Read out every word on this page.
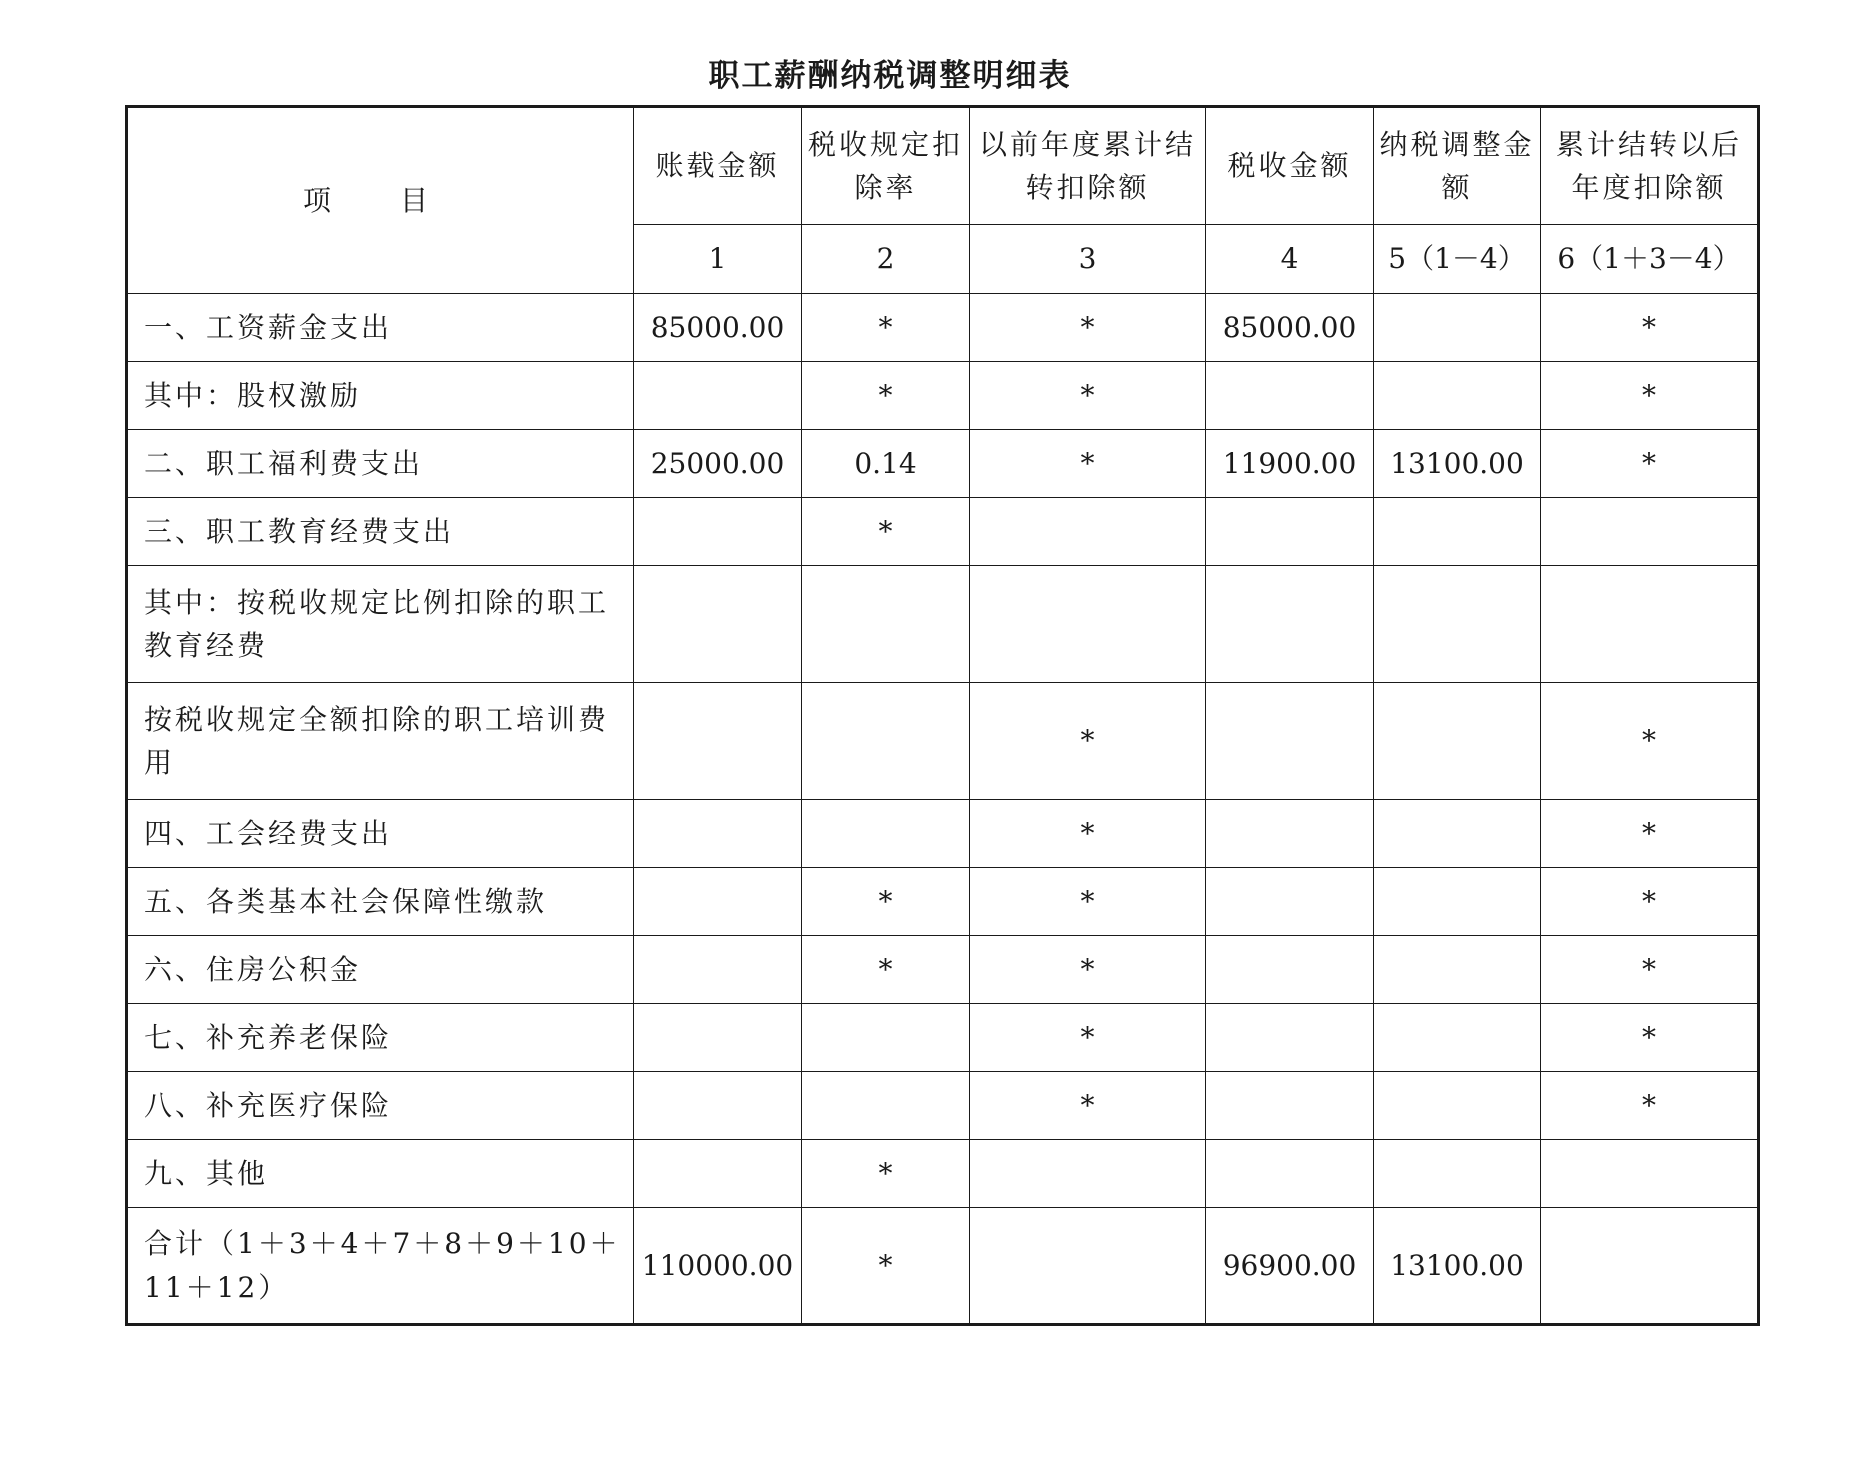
职工薪酬纳税调整明细表
项 目	账载金额	税收规定扣除率	以前年度累计结转扣除额	税收金额	纳税调整金额	累计结转以后年度扣除额
	1	2	3	4	5（1－4）	6（1＋3－4）
一、工资薪金支出	85000.00	*	*	85000.00		*
其中：股权激励		*	*			*
二、职工福利费支出	25000.00	0.14	*	11900.00	13100.00	*
三、职工教育经费支出		*				
其中：按税收规定比例扣除的职工教育经费						
按税收规定全额扣除的职工培训费用			*			*
四、工会经费支出			*			*
五、各类基本社会保障性缴款		*	*			*
六、住房公积金		*	*			*
七、补充养老保险			*			*
八、补充医疗保险			*			*
九、其他		*				
合计（1＋3＋4＋7＋8＋9＋10＋11＋12）	110000.00	*		96900.00	13100.00	
